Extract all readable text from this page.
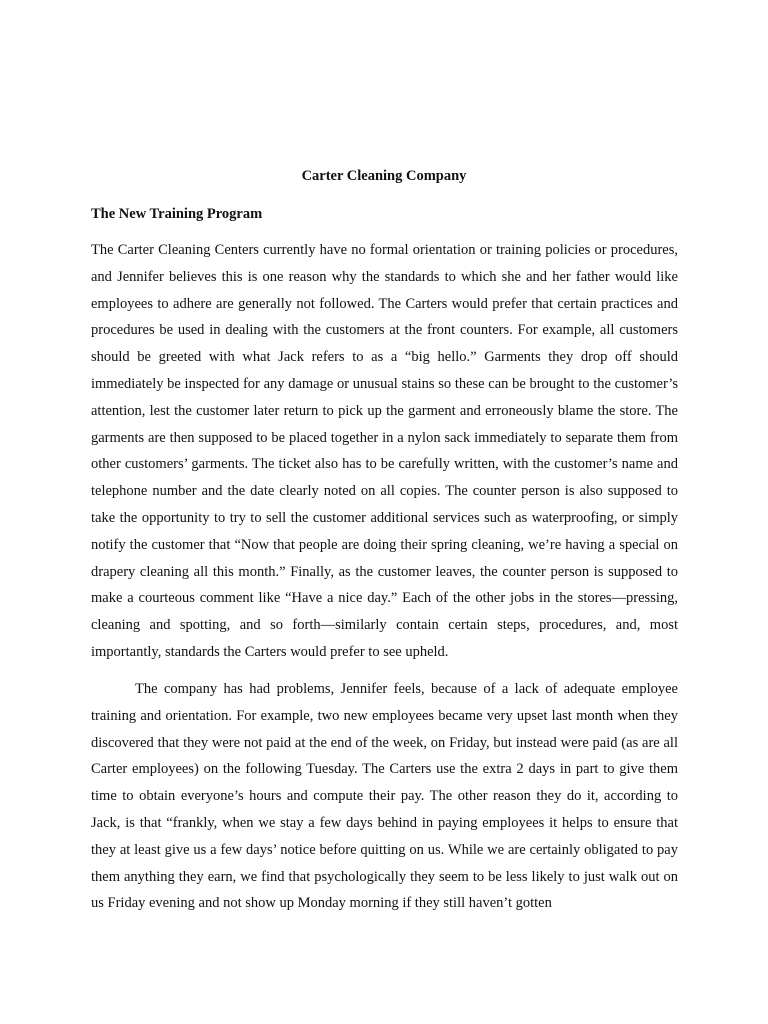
Carter Cleaning Company
The New Training Program

The Carter Cleaning Centers currently have no formal orientation or training policies or procedures, and Jennifer believes this is one reason why the standards to which she and her father would like employees to adhere are generally not followed. The Carters would prefer that certain practices and procedures be used in dealing with the customers at the front counters. For example, all customers should be greeted with what Jack refers to as a “big hello.” Garments they drop off should immediately be inspected for any damage or unusual stains so these can be brought to the customer’s attention, lest the customer later return to pick up the garment and erroneously blame the store. The garments are then supposed to be placed together in a nylon sack immediately to separate them from other customers’ garments. The ticket also has to be carefully written, with the customer’s name and telephone number and the date clearly noted on all copies. The counter person is also supposed to take the opportunity to try to sell the customer additional services such as waterproofing, or simply notify the customer that “Now that people are doing their spring cleaning, we’re having a special on drapery cleaning all this month.” Finally, as the customer leaves, the counter person is supposed to make a courteous comment like “Have a nice day.” Each of the other jobs in the stores—pressing, cleaning and spotting, and so forth—similarly contain certain steps, procedures, and, most importantly, standards the Carters would prefer to see upheld.

The company has had problems, Jennifer feels, because of a lack of adequate employee training and orientation. For example, two new employees became very upset last month when they discovered that they were not paid at the end of the week, on Friday, but instead were paid (as are all Carter employees) on the following Tuesday. The Carters use the extra 2 days in part to give them time to obtain everyone’s hours and compute their pay. The other reason they do it, according to Jack, is that “frankly, when we stay a few days behind in paying employees it helps to ensure that they at least give us a few days’ notice before quitting on us. While we are certainly obligated to pay them anything they earn, we find that psychologically they seem to be less likely to just walk out on us Friday evening and not show up Monday morning if they still haven’t gotten
